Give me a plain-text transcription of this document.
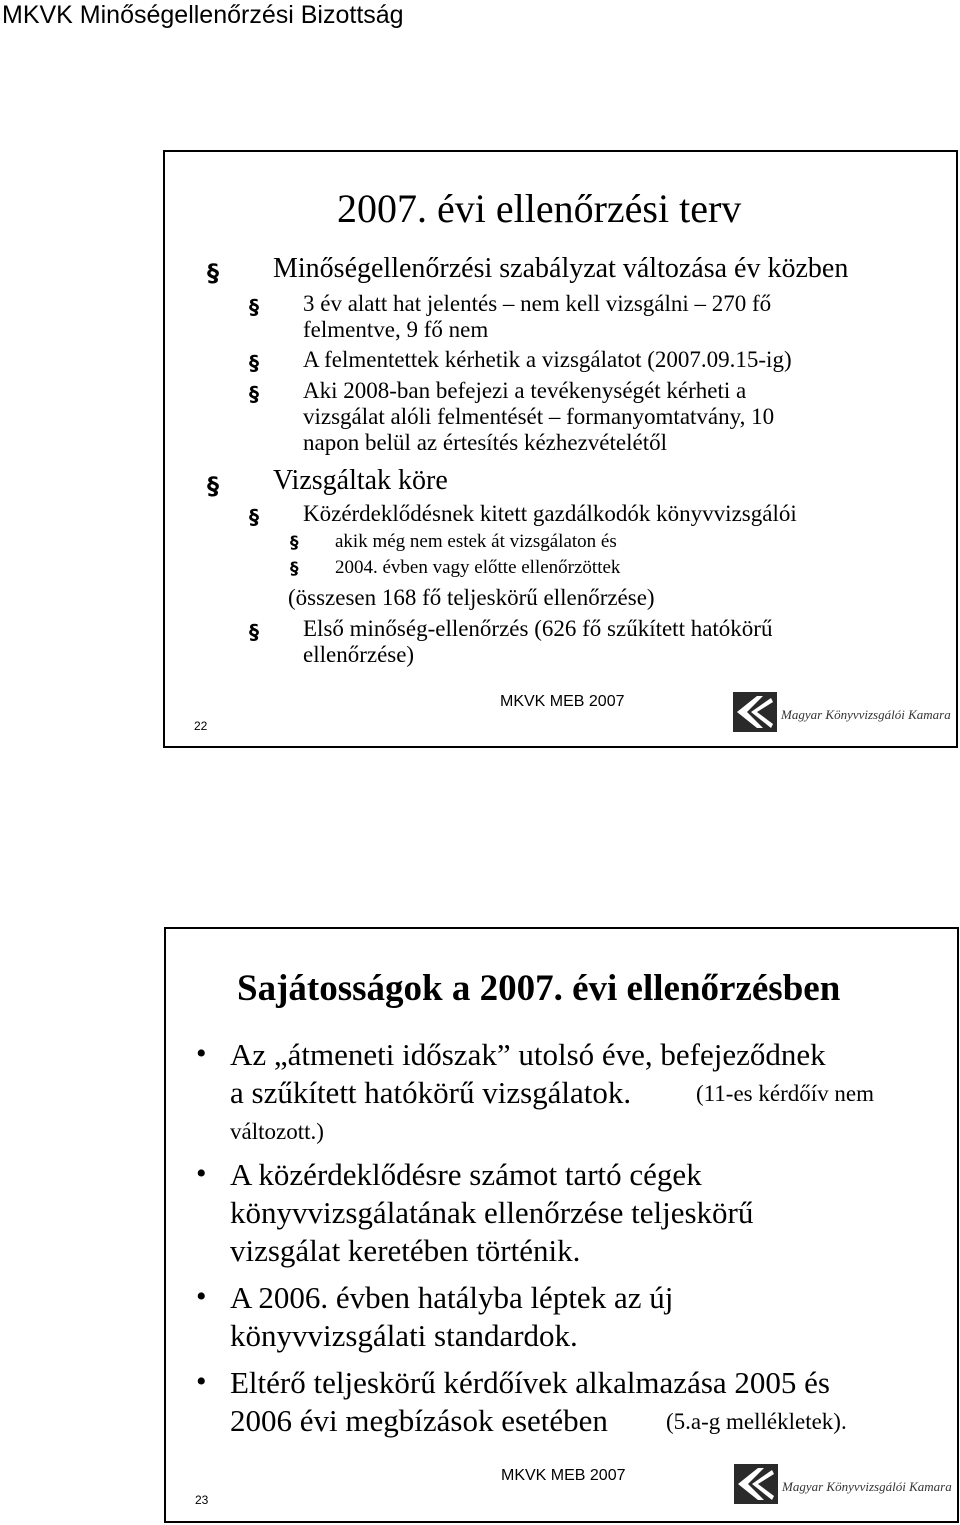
MKVK Minőségellenőrzési Bizottság
2007. évi ellenőrzési terv
§ Minőségellenőrzési szabályzat változása év közben
§ 3 év alatt hat jelentés – nem kell vizsgálni – 270 fő
felmentve, 9 fő nem
§ A felmentettek kérhetik a vizsgálatot (2007.09.15-ig)
§ Aki 2008-ban befejezi a tevékenységét kérheti a
vizsgálat alóli felmentését – formanyomtatvány, 10
napon belül az értesítés kézhezvételétől
§ Vizsgáltak köre
§ Közérdeklődésnek kitett gazdálkodók könyvvizsgálói
§ akik még nem estek át vizsgálaton és
§ 2004. évben vagy előtte ellenőrzöttek
(összesen 168 fő teljeskörű ellenőrzése)
§ Első minőség-ellenőrzés (626 fő szűkített hatókörű
ellenőrzése)
22
MKVK MEB 2007
Magyar Könyvvizsgálói Kamara
Sajátosságok a 2007. évi ellenőrzésben
• Az „átmeneti időszak” utolsó éve, befejeződnek
a szűkített hatókörű vizsgálatok.	(11-es kérdőív nem
változott.)
• A közérdeklődésre számot tartó cégek
könyvvizsgálatának ellenőrzése teljeskörű
vizsgálat keretében történik.
• A 2006. évben hatályba léptek az új
könyvvizsgálati standardok.
• Eltérő teljeskörű kérdőívek alkalmazása 2005 és
2006 évi megbízások esetében	(5.a-g mellékletek).
23
MKVK MEB 2007
Magyar Könyvvizsgálói Kamara
